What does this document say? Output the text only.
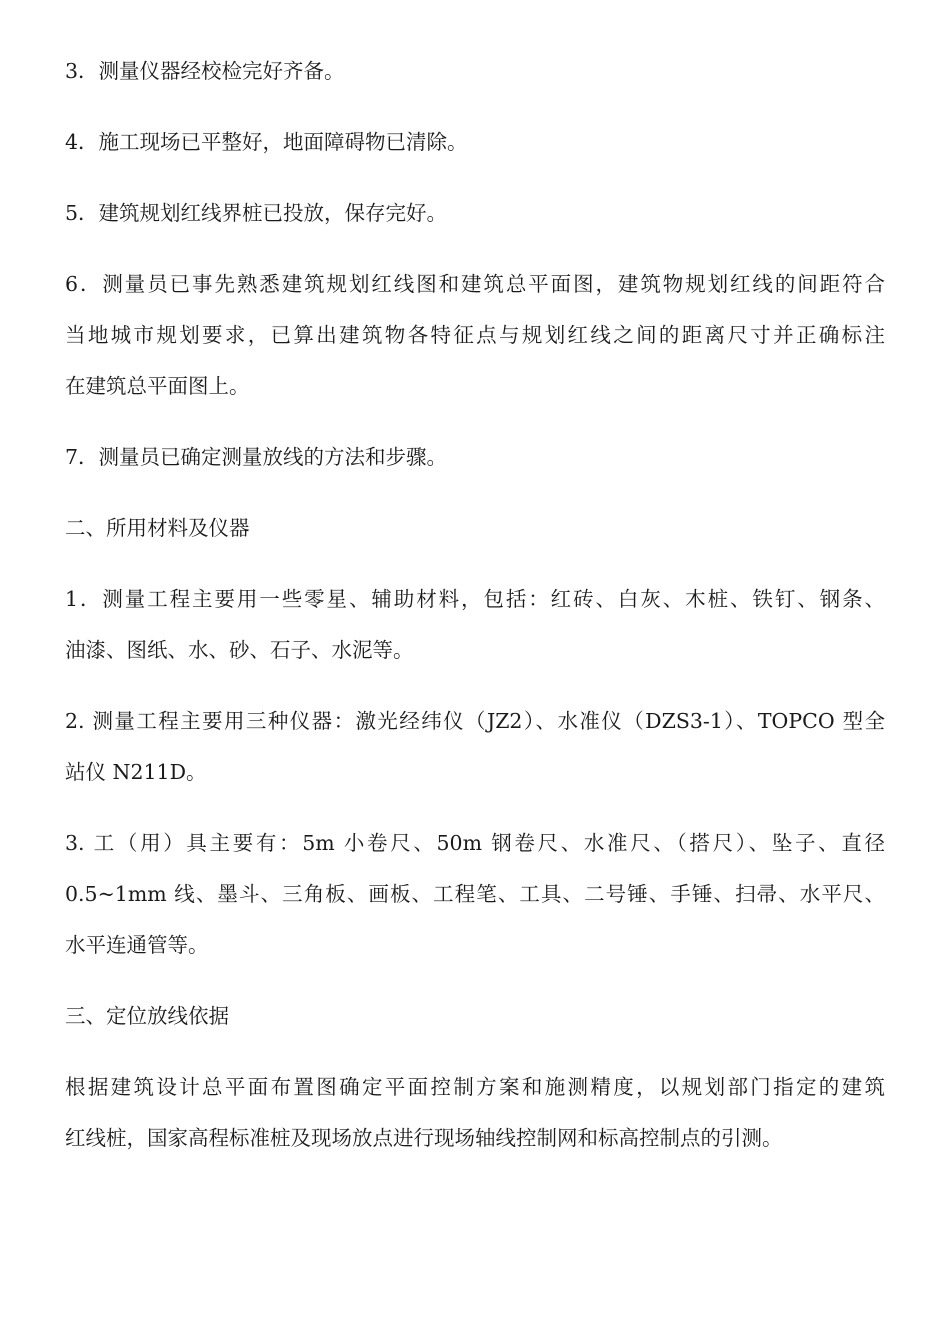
3．测量仪器经校检完好齐备。

4．施工现场已平整好，地面障碍物已清除。

5．建筑规划红线界桩已投放，保存完好。

6．测量员已事先熟悉建筑规划红线图和建筑总平面图，建筑物规划红线的间距符合
当地城市规划要求，已算出建筑物各特征点与规划红线之间的距离尺寸并正确标注
在建筑总平面图上。

7．测量员已确定测量放线的方法和步骤。

二、所用材料及仪器

1．测量工程主要用一些零星、辅助材料，包括：红砖、白灰、木桩、铁钉、钢条、
油漆、图纸、水、砂、石子、水泥等。

2. 测量工程主要用三种仪器：激光经纬仪（JZ2）、水准仪（DZS3-1）、TOPCO 型全
站仪 N211D。

3. 工（用）具主要有：5m 小卷尺、50m 钢卷尺、水准尺、（搭尺）、坠子、直径
0.5~1mm 线、墨斗、三角板、画板、工程笔、工具、二号锤、手锤、扫帚、水平尺、
水平连通管等。

三、定位放线依据

根据建筑设计总平面布置图确定平面控制方案和施测精度，以规划部门指定的建筑
红线桩，国家高程标准桩及现场放点进行现场轴线控制网和标高控制点的引测。
